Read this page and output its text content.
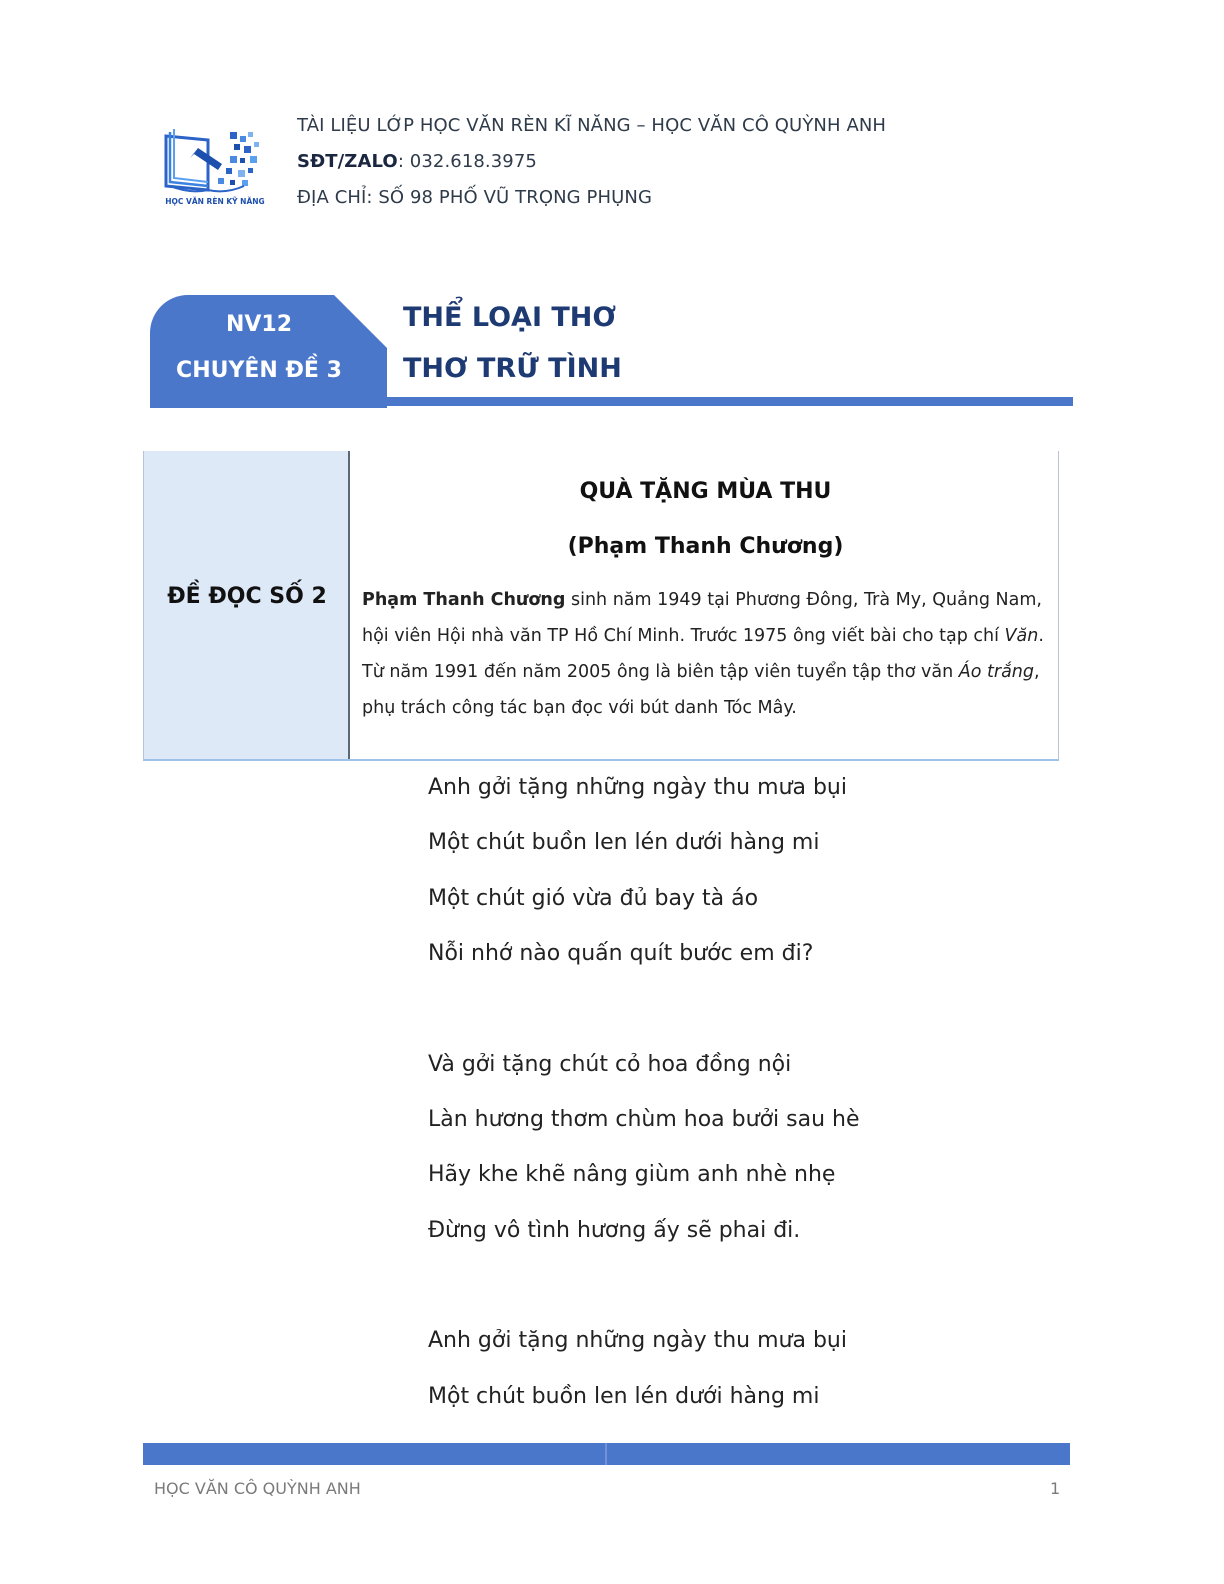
HỌC VĂN RÈN KỸ NĂNG
TÀI LIỆU LỚP HỌC VĂN RÈN KĨ NĂNG – HỌC VĂN CÔ QUỲNH ANH
SĐT/ZALO: 032.618.3975
ĐỊA CHỈ: SỐ 98 PHỐ VŨ TRỌNG PHỤNG
NV12
CHUYÊN ĐỀ 3
THỂ LOẠI THƠ
THƠ TRỮ TÌNH
ĐỀ ĐỌC SỐ 2
QUÀ TẶNG MÙA THU
(Phạm Thanh Chương)
Phạm Thanh Chương sinh năm 1949 tại Phương Đông, Trà My, Quảng Nam, hội viên Hội nhà văn TP Hồ Chí Minh. Trước 1975 ông viết bài cho tạp chí Văn. Từ năm 1991 đến năm 2005 ông là biên tập viên tuyển tập thơ văn Áo trắng, phụ trách công tác bạn đọc với bút danh Tóc Mây.
Anh gởi tặng những ngày thu mưa bụi
Một chút buồn len lén dưới hàng mi
Một chút gió vừa đủ bay tà áo
Nỗi nhớ nào quấn quít bước em đi?
Và gởi tặng chút cỏ hoa đồng nội
Làn hương thơm chùm hoa bưởi sau hè
Hãy khe khẽ nâng giùm anh nhè nhẹ
Đừng vô tình hương ấy sẽ phai đi.
Anh gởi tặng những ngày thu mưa bụi
Một chút buồn len lén dưới hàng mi
HỌC VĂN CÔ QUỲNH ANH	1
